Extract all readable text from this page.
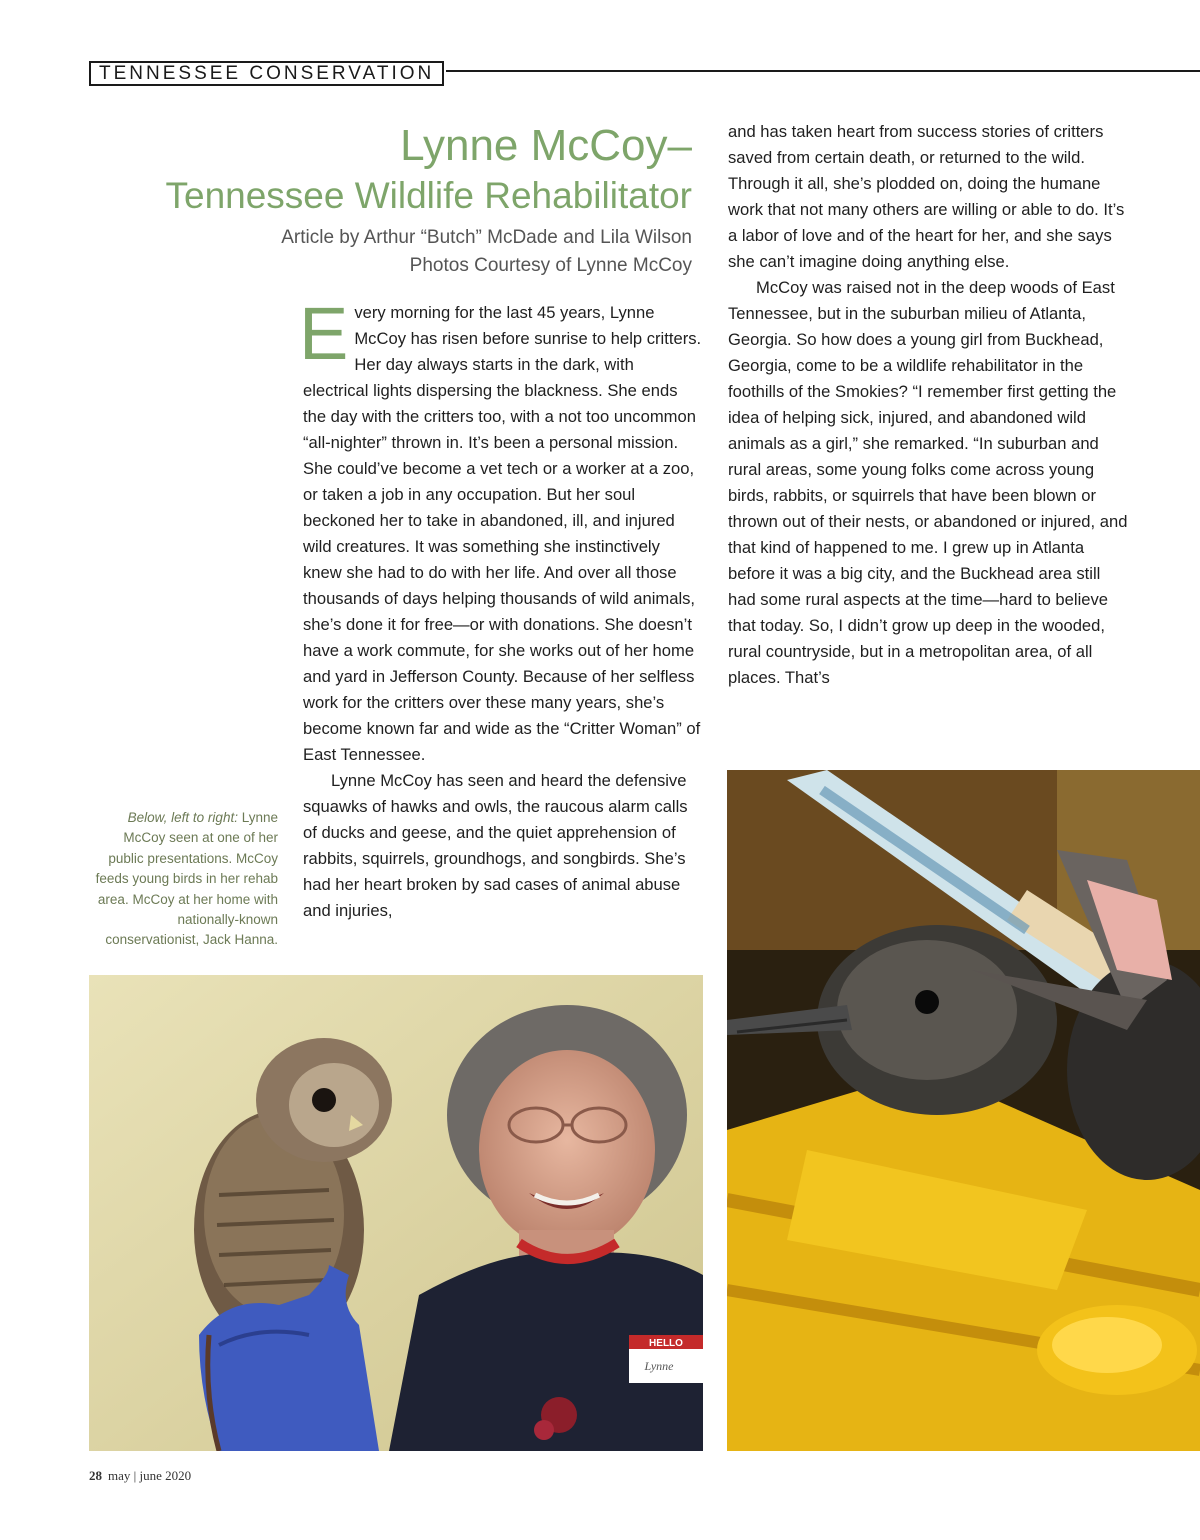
TENNESSEE CONSERVATION
Lynne McCoy–
Tennessee Wildlife Rehabilitator
Article by Arthur “Butch” McDade and Lila Wilson
Photos Courtesy of Lynne McCoy

Every morning for the last 45 years, Lynne McCoy has risen before sunrise to help critters. Her day always starts in the dark, with electrical lights dispersing the blackness. She ends the day with the critters too, with a not too uncommon “all-nighter” thrown in. It’s been a personal mission. She could’ve become a vet tech or a worker at a zoo, or taken a job in any occupation. But her soul beckoned her to take in abandoned, ill, and injured wild creatures. It was something she instinctively knew she had to do with her life. And over all those thousands of days helping thousands of wild animals, she’s done it for free—or with donations. She doesn’t have a work commute, for she works out of her home and yard in Jefferson County. Because of her selfless work for the critters over these many years, she’s become known far and wide as the “Critter Woman” of East Tennessee.

Lynne McCoy has seen and heard the defensive squawks of hawks and owls, the raucous alarm calls of ducks and geese, and the quiet apprehension of rabbits, squirrels, groundhogs, and songbirds. She’s had her heart broken by sad cases of animal abuse and injuries,

and has taken heart from success stories of critters saved from certain death, or returned to the wild. Through it all, she’s plodded on, doing the humane work that not many others are willing or able to do. It’s a labor of love and of the heart for her, and she says she can’t imagine doing anything else.

McCoy was raised not in the deep woods of East Tennessee, but in the suburban milieu of Atlanta, Georgia. So how does a young girl from Buckhead, Georgia, come to be a wildlife rehabilitator in the foothills of the Smokies? “I remember first getting the idea of helping sick, injured, and abandoned wild animals as a girl,” she remarked. “In suburban and rural areas, some young folks come across young birds, rabbits, or squirrels that have been blown or thrown out of their nests, or abandoned or injured, and that kind of happened to me. I grew up in Atlanta before it was a big city, and the Buckhead area still had some rural aspects at the time—hard to believe that today. So, I didn’t grow up deep in the wooded, rural countryside, but in a metropolitan area, of all places. That’s

Below, left to right: Lynne McCoy seen at one of her public presentations. McCoy feeds young birds in her rehab area. McCoy at her home with nationally-known conservationist, Jack Hanna.
HELLO
Lynne
28 may | june 2020
